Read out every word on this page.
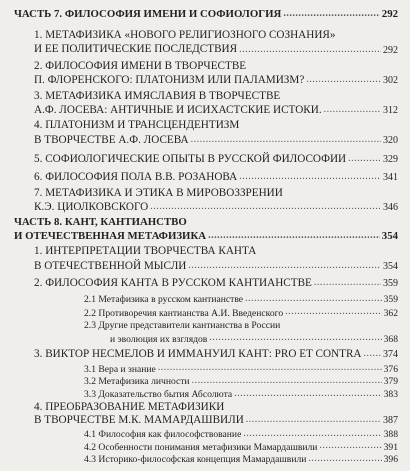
ЧАСТЬ 7. ФИЛОСОФИЯ ИМЕНИ И СОФИОЛОГИЯ .....	292
1. МЕТАФИЗИКА «НОВОГО РЕЛИГИОЗНОГО СОЗНАНИЯ»
И ЕЕ ПОЛИТИЧЕСКИЕ ПОСЛЕДСТВИЯ .....	292
2. ФИЛОСОФИЯ ИМЕНИ В ТВОРЧЕСТВЕ
П. ФЛОРЕНСКОГО: ПЛАТОНИЗМ ИЛИ ПАЛАМИЗМ? .....	302
3. МЕТАФИЗИКА ИМЯСЛАВИЯ В ТВОРЧЕСТВЕ
А.Ф. ЛОСЕВА: АНТИЧНЫЕ И ИСИХАСТСКИЕ ИСТОКИ. .....	312
4. ПЛАТОНИЗМ И ТРАНСЦЕНДЕНТИЗМ
В ТВОРЧЕСТВЕ А.Ф. ЛОСЕВА .....	320
5. СОФИОЛОГИЧЕСКИЕ ОПЫТЫ В РУССКОЙ ФИЛОСОФИИ .....	329
6. ФИЛОСОФИЯ ПОЛА В.В. РОЗАНОВА .....	341
7. МЕТАФИЗИКА И ЭТИКА В МИРОВОЗЗРЕНИИ
К.Э. ЦИОЛКОВСКОГО .....	346
ЧАСТЬ 8. КАНТ, КАНТИАНСТВО
И ОТЕЧЕСТВЕННАЯ МЕТАФИЗИКА .....	354
1. ИНТЕРПРЕТАЦИИ ТВОРЧЕСТВА КАНТА
В ОТЕЧЕСТВЕННОЙ МЫСЛИ .....	354
2. ФИЛОСОФИЯ КАНТА В РУССКОМ КАНТИАНСТВЕ .....	359
2.1 Метафизика в русском кантианстве .....	359
2.2 Противоречия кантианства А.И. Введенского .....	362
2.3 Другие представители кантианства в России
и эволюция их взглядов .....	368
3. ВИКТОР НЕСМЕЛОВ И ИММАНУИЛ КАНТ: PRO ET CONTRA ..... 374
3.1 Вера и знание .....	376
3.2 Метафизика личности .....	379
3.3 Доказательство бытия Абсолюта .....	383
4. ПРЕОБРАЗОВАНИЕ МЕТАФИЗИКИ
В ТВОРЧЕСТВЕ М.К. МАМАРДАШВИЛИ .....	387
4.1 Философия как философствование .....	388
4.2 Особенности понимания метафизики Мамардашвили .....	391
4.3 Историко-философская концепция Мамардашвили .....	396
